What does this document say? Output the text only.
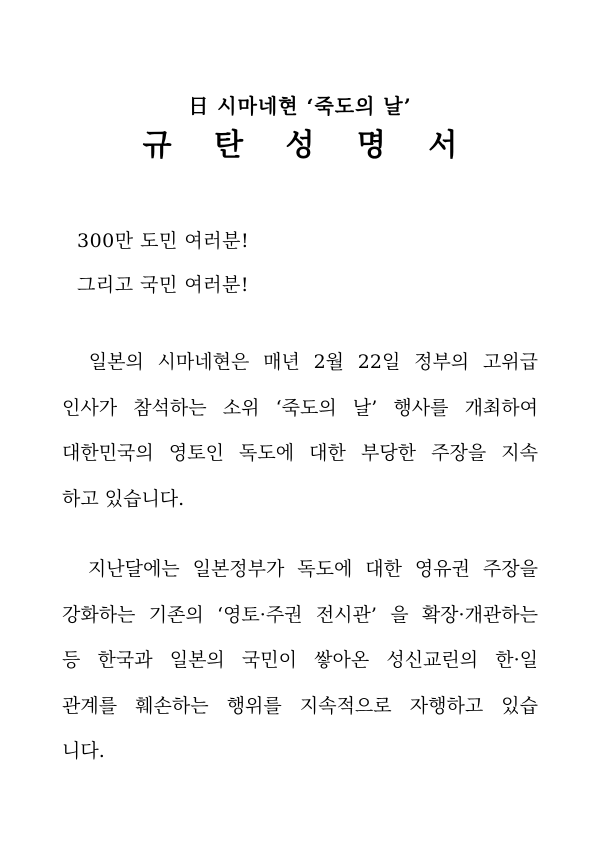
日 시마네현 ‘죽도의 날’
규 탄 성 명 서
300만 도민 여러분!
그리고 국민 여러분!
　일본의 시마네현은 매년 2월 22일 정부의 고위급
인사가 참석하는 소위 ‘죽도의 날’ 행사를 개최하여
대한민국의 영토인 독도에 대한 부당한 주장을 지속
하고 있습니다.
　지난달에는 일본정부가 독도에 대한 영유권 주장을
강화하는 기존의 ‘영토·주권 전시관’ 을 확장·개관하는
등 한국과 일본의 국민이 쌓아온 성신교린의 한·일
관계를 훼손하는 행위를 지속적으로 자행하고 있습
니다.
